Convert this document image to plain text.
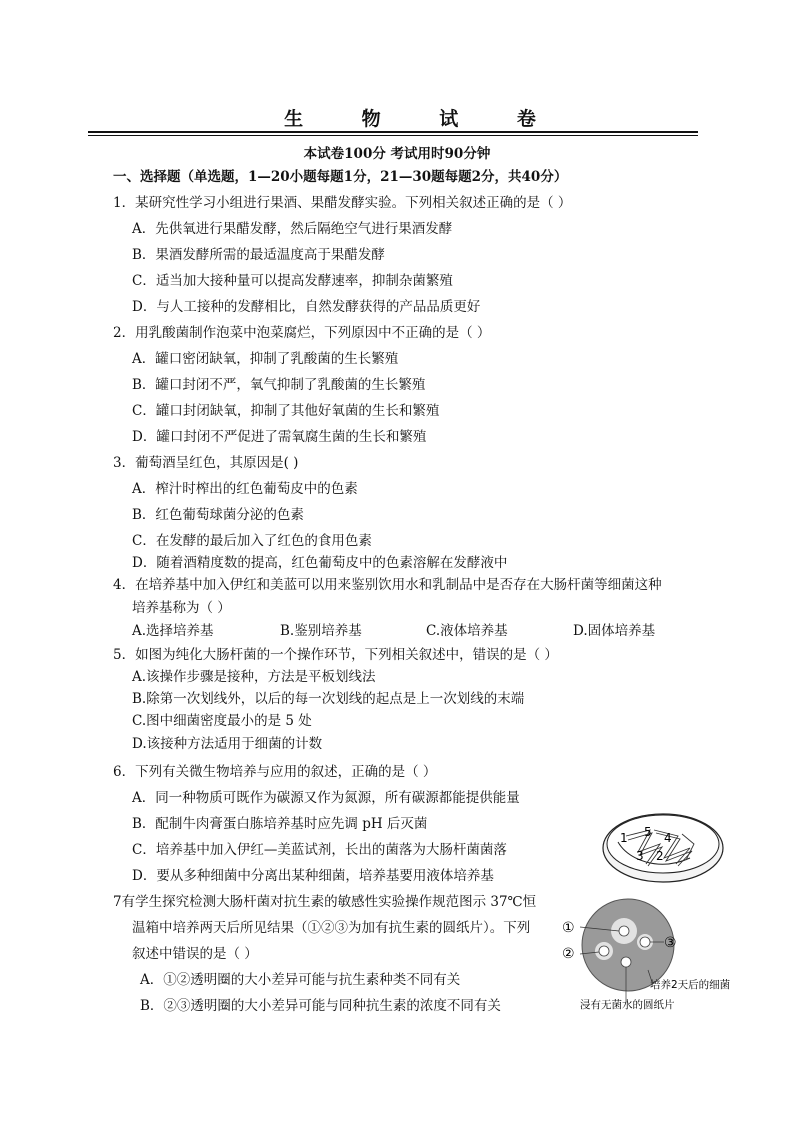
生 物 试 卷
本试卷100分 考试用时90分钟
一、选择题（单选题，1—20小题每题1分，21—30题每题2分，共40分）
1．某研究性学习小组进行果酒、果醋发酵实验。下列相关叙述正确的是（ ）
A．先供氧进行果醋发酵，然后隔绝空气进行果酒发酵
B．果酒发酵所需的最适温度高于果醋发酵
C．适当加大接种量可以提高发酵速率，抑制杂菌繁殖
D．与人工接种的发酵相比，自然发酵获得的产品品质更好
2．用乳酸菌制作泡菜中泡菜腐烂，下列原因中不正确的是（ ）
A．罐口密闭缺氧，抑制了乳酸菌的生长繁殖
B．罐口封闭不严，氧气抑制了乳酸菌的生长繁殖
C．罐口封闭缺氧，抑制了其他好氧菌的生长和繁殖
D．罐口封闭不严促进了需氧腐生菌的生长和繁殖
3．葡萄酒呈红色，其原因是( )
A．榨汁时榨出的红色葡萄皮中的色素
B．红色葡萄球菌分泌的色素
C．在发酵的最后加入了红色的食用色素
D．随着酒精度数的提高，红色葡萄皮中的色素溶解在发酵液中
4．在培养基中加入伊红和美蓝可以用来鉴别饮用水和乳制品中是否存在大肠杆菌等细菌这种
培养基称为（ ）
A.选择培养基	B.鉴别培养基	C.液体培养基	D.固体培养基
5．如图为纯化大肠杆菌的一个操作环节，下列相关叙述中，错误的是（ ）
A.该操作步骤是接种，方法是平板划线法
B.除第一次划线外，以后的每一次划线的起点是上一次划线的末端
C.图中细菌密度最小的是 5 处
D.该接种方法适用于细菌的计数
6．下列有关微生物培养与应用的叙述，正确的是（ ）
A．同一种物质可既作为碳源又作为氮源，所有碳源都能提供能量
B．配制牛肉膏蛋白胨培养基时应先调 pH 后灭菌
C．培养基中加入伊红—美蓝试剂，长出的菌落为大肠杆菌菌落
D．要从多种细菌中分离出某种细菌，培养基要用液体培养基
7有学生探究检测大肠杆菌对抗生素的敏感性实验操作规范图示 37℃恒
温箱中培养两天后所见结果（①②③为加有抗生素的圆纸片）。下列
叙述中错误的是（ ）
A．①②透明圈的大小差异可能与抗生素种类不同有关
B．②③透明圈的大小差异可能与同种抗生素的浓度不同有关
1 5 4
3 2
①
②
③
培养2天后的细菌
浸有无菌水的圆纸片
